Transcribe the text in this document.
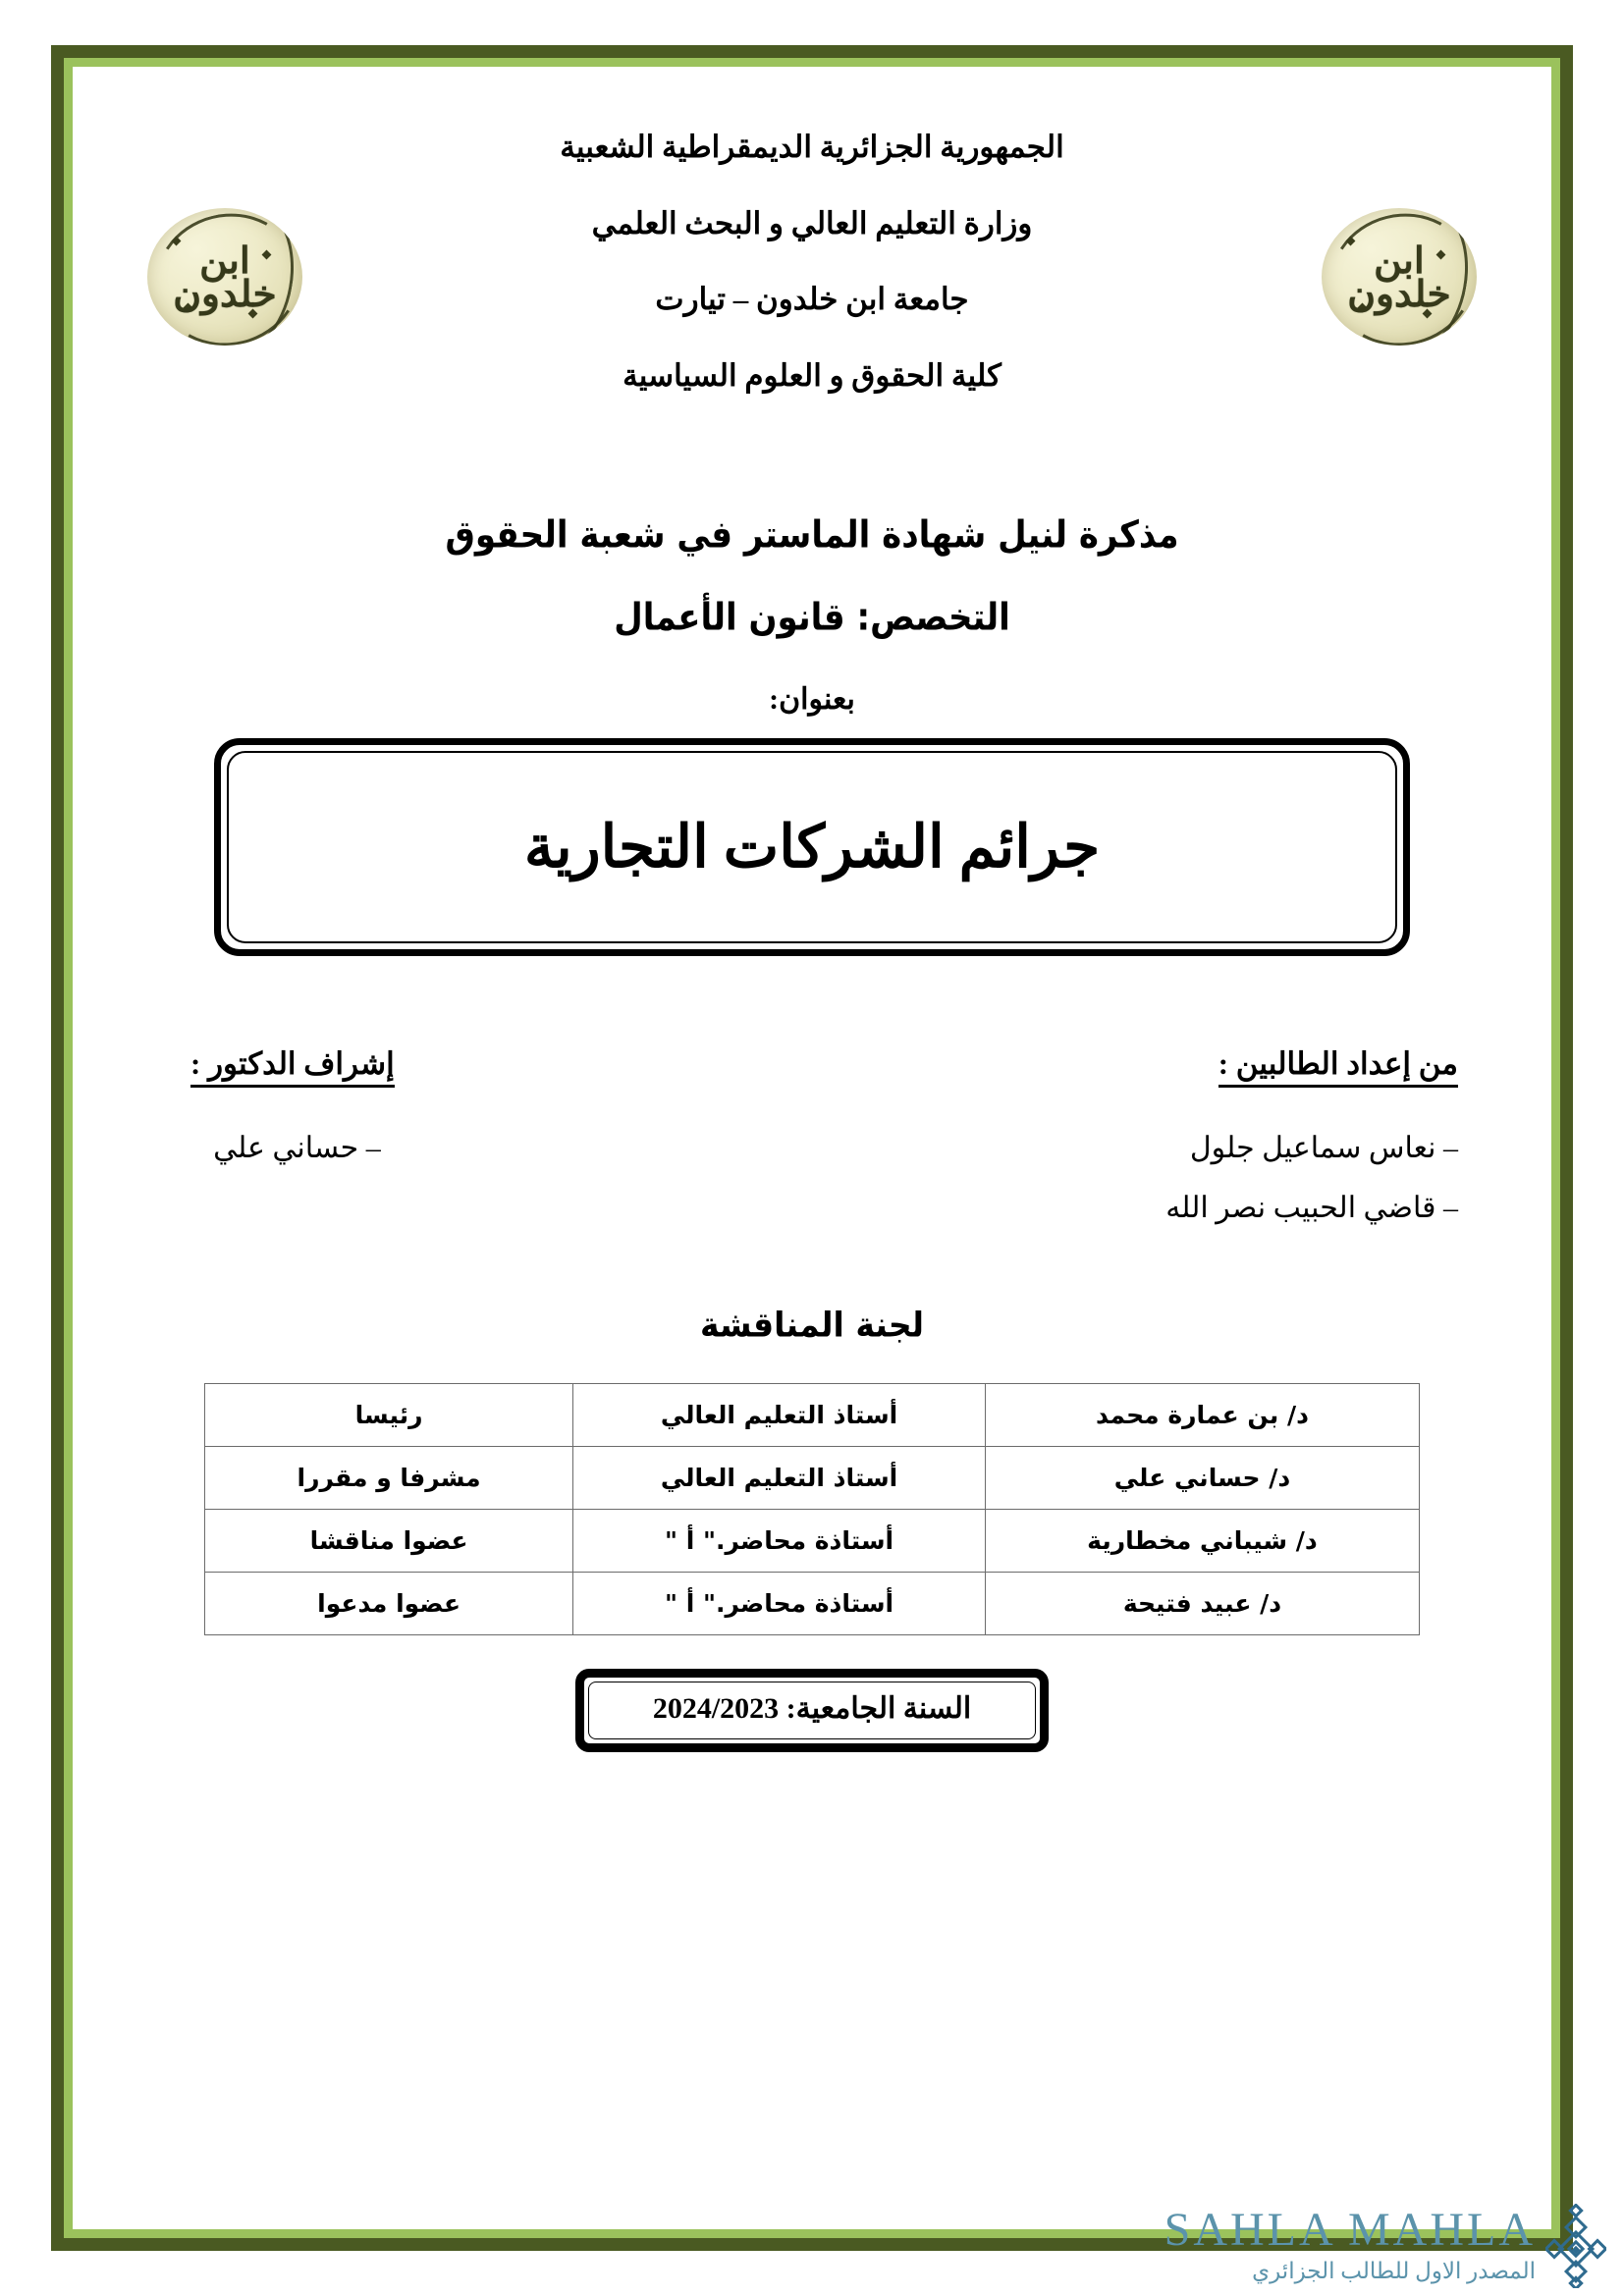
ابن خلدون
ابن خلدون
الجمهورية الجزائرية الديمقراطية الشعبية
وزارة التعليم العالي و البحث العلمي
جامعة ابن خلدون – تيارت
كلية الحقوق و العلوم السياسية
مذكرة لنيل شهادة الماستر في شعبة الحقوق
التخصص: قانون الأعمال
بعنوان:
جرائم الشركات التجارية
من إعداد الطالبين :
– نعاس سماعيل جلول
– قاضي الحبيب نصر الله
إشراف الدكتور :
– حساني علي
لجنة المناقشة
د/ بن عمارة محمد	أستاذ التعليم العالي	رئيسا
د/ حساني علي	أستاذ التعليم العالي	مشرفا و مقررا
د/ شيباني مخطارية	أستاذة محاضر." أ "	عضوا مناقشا
د/ عبيد فتيحة	أستاذة محاضر." أ "	عضوا مدعوا
السنة الجامعية: 2024/2023
SAHLA MAHLA
المصدر الاول للطالب الجزائري
